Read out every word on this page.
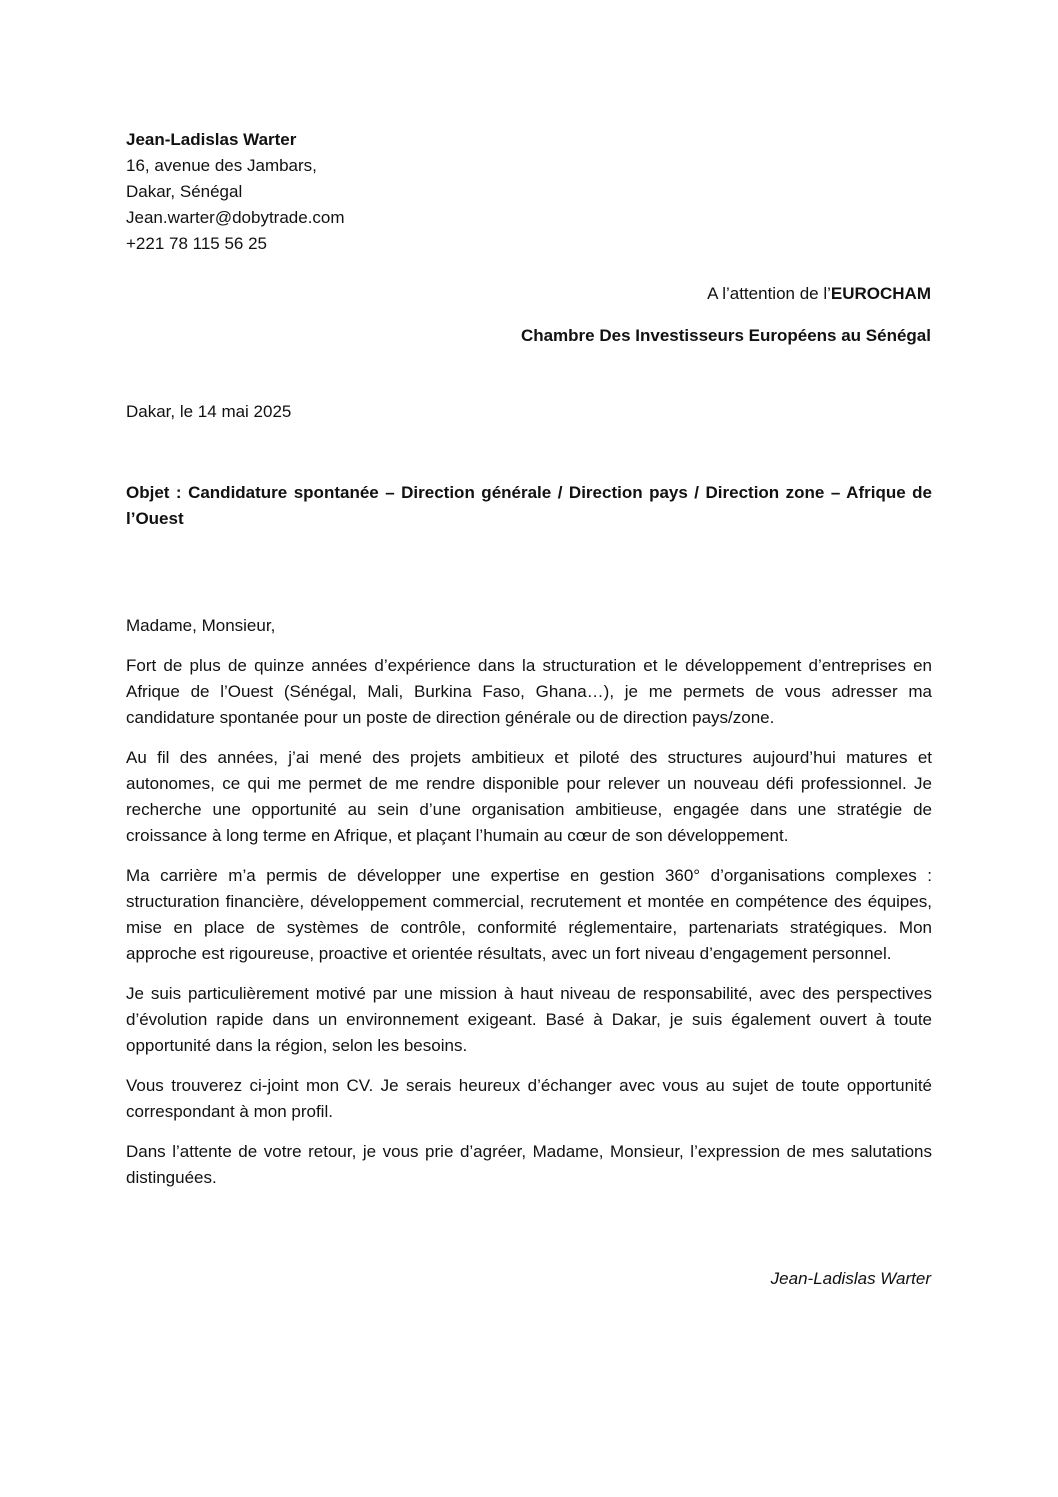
Jean-Ladislas Warter
16, avenue des Jambars,
Dakar, Sénégal
Jean.warter@dobytrade.com
+221 78 115 56 25
A l’attention de l’EUROCHAM
Chambre Des Investisseurs Européens au Sénégal
Dakar, le 14 mai 2025
Objet : Candidature spontanée – Direction générale / Direction pays / Direction zone – Afrique de l’Ouest

Madame, Monsieur,

Fort de plus de quinze années d’expérience dans la structuration et le développement d’entreprises en Afrique de l’Ouest (Sénégal, Mali, Burkina Faso, Ghana…), je me permets de vous adresser ma candidature spontanée pour un poste de direction générale ou de direction pays/zone.

Au fil des années, j’ai mené des projets ambitieux et piloté des structures aujourd’hui matures et autonomes, ce qui me permet de me rendre disponible pour relever un nouveau défi professionnel. Je recherche une opportunité au sein d’une organisation ambitieuse, engagée dans une stratégie de croissance à long terme en Afrique, et plaçant l’humain au cœur de son développement.

Ma carrière m’a permis de développer une expertise en gestion 360° d’organisations complexes : structuration financière, développement commercial, recrutement et montée en compétence des équipes, mise en place de systèmes de contrôle, conformité réglementaire, partenariats stratégiques. Mon approche est rigoureuse, proactive et orientée résultats, avec un fort niveau d’engagement personnel.

Je suis particulièrement motivé par une mission à haut niveau de responsabilité, avec des perspectives d’évolution rapide dans un environnement exigeant. Basé à Dakar, je suis également ouvert à toute opportunité dans la région, selon les besoins.

Vous trouverez ci-joint mon CV. Je serais heureux d’échanger avec vous au sujet de toute opportunité correspondant à mon profil.

Dans l’attente de votre retour, je vous prie d’agréer, Madame, Monsieur, l’expression de mes salutations distinguées.

Jean-Ladislas Warter
